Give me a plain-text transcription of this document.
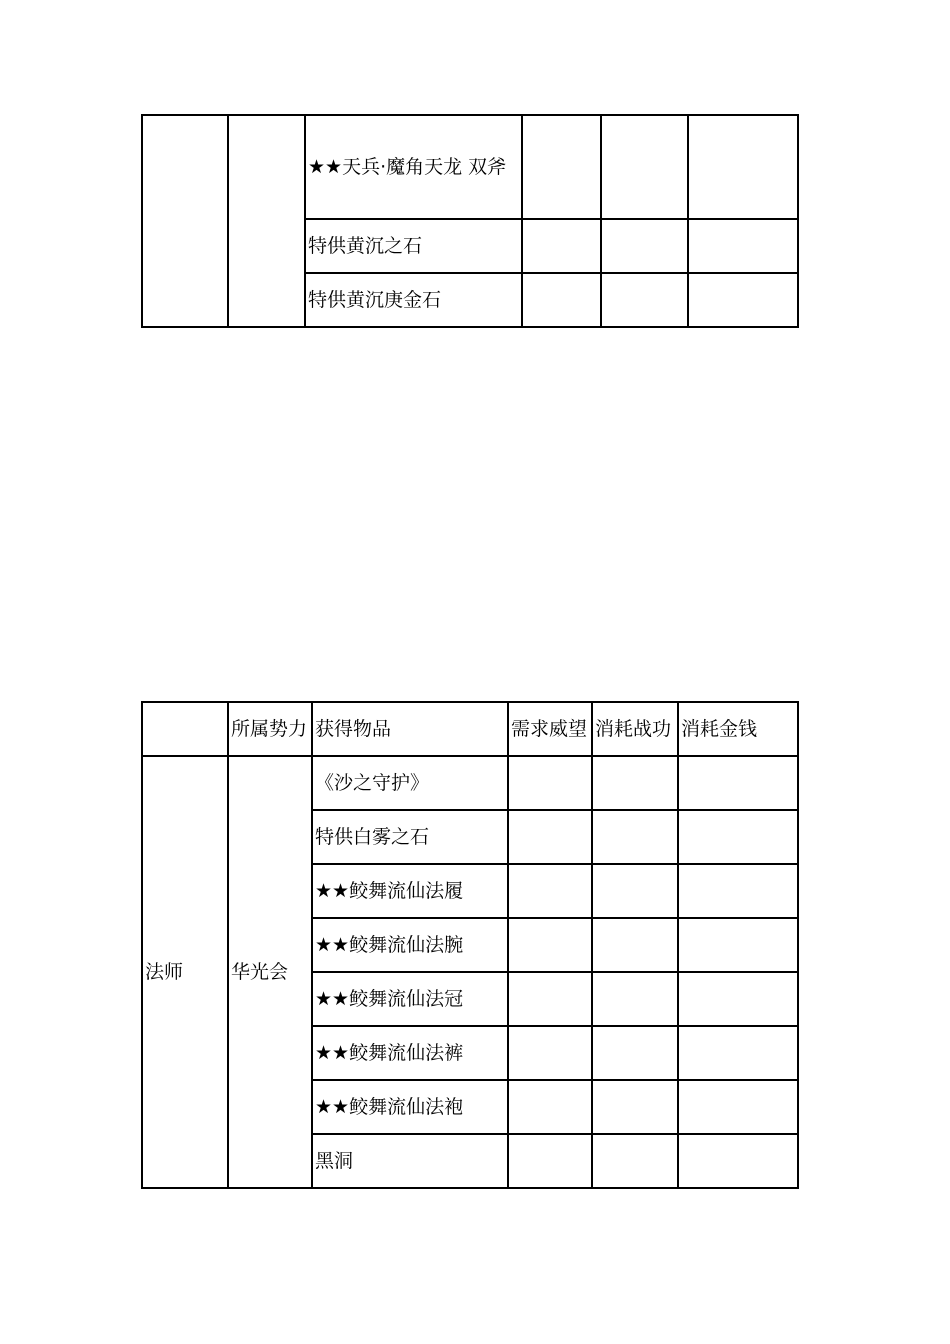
		★★天兵·魔角天龙 双斧			
		特供黄沉之石			
		特供黄沉庚金石			
	所属势力	获得物品	需求威望	消耗战功	消耗金钱
法师	华光会	《沙之守护》			
		特供白雾之石			
		★★鲛舞流仙法履			
		★★鲛舞流仙法腕			
		★★鲛舞流仙法冠			
		★★鲛舞流仙法裤			
		★★鲛舞流仙法袍			
		黑洞			
